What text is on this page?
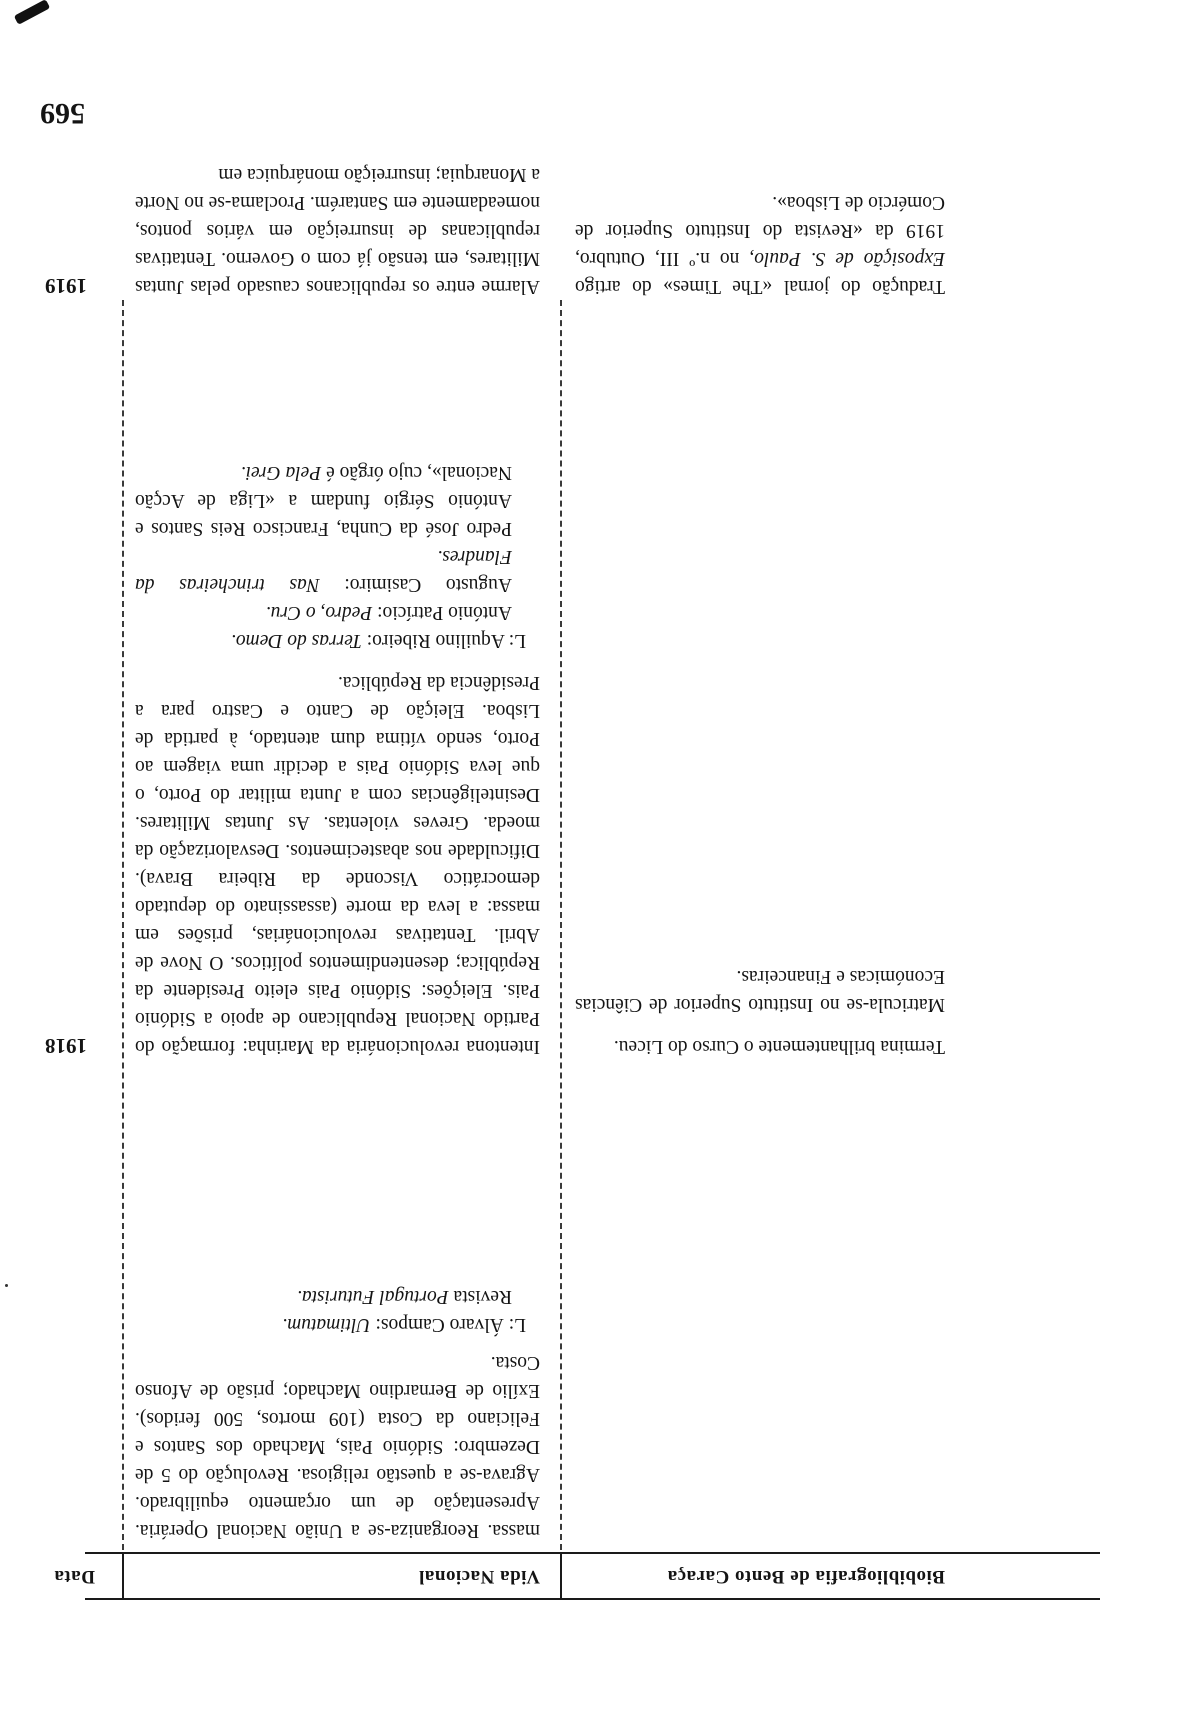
569
Vida Nacional	Biobibliografia de Bento Caraça
Data

massa. Reorganiza-se a União Nacional Operária. Apresentação de um orçamento equilibrado. Agrava-se a questão religiosa. Revolução do 5 de Dezembro: Sidónio Pais, Machado dos Santos e Feliciano da Costa (109 mortos, 500 feridos). Exílio de Bernardino Machado; prisão de Afonso Costa.

L: Álvaro Campos: Ultimatum.

Revista Portugal Futurista.

Intentona revolucionária da Marinha: formação do Partido Nacional Republicano de apoio a Sidónio Pais. Eleições: Sidónio Pais eleito Presidente da República; desentendimentos políticos. O Nove de Abril. Tentativas revolucionárias, prisões em massa: a leva da morte (assassinato do deputado democrático Visconde da Ribeira Brava). Dificuldade nos abastecimentos. Desvalorização da moeda. Greves violentas. As Juntas Militares. Desinteligências com a Junta militar do Porto, o que leva Sidónio Pais a decidir uma viagem ao Porto, sendo vítima dum atentado, à partida de Lisboa. Eleição de Canto e Castro para a Presidência da República.

L: Aquilino Ribeiro: Terras do Demo.

António Patrício: Pedro, o Cru.

Augusto Casimiro: Nas trincheiras da Flandres.

Pedro José da Cunha, Francisco Reis Santos e António Sérgio fundam a «Liga de Acção Nacional», cujo órgão é Pela Grei.

Alarme entre os republicanos causado pelas Juntas Militares, em tensão já com o Governo. Tentativas republicanas de insurreição em vários pontos, nomeadamente em Santarém. Proclama-se no Norte a Monarquia; insurreição monárquica em

Termina brilhantemente o Curso do Liceu.

Matricula-se no Instituto Superior de Ciências Económicas e Financeiras.

Tradução do jornal «The Times» do artigo Exposição de S. Paulo, no n.º III, Outubro, 1919 da «Revista do Instituto Superior de Comércio de Lisboa».

1918
1919
